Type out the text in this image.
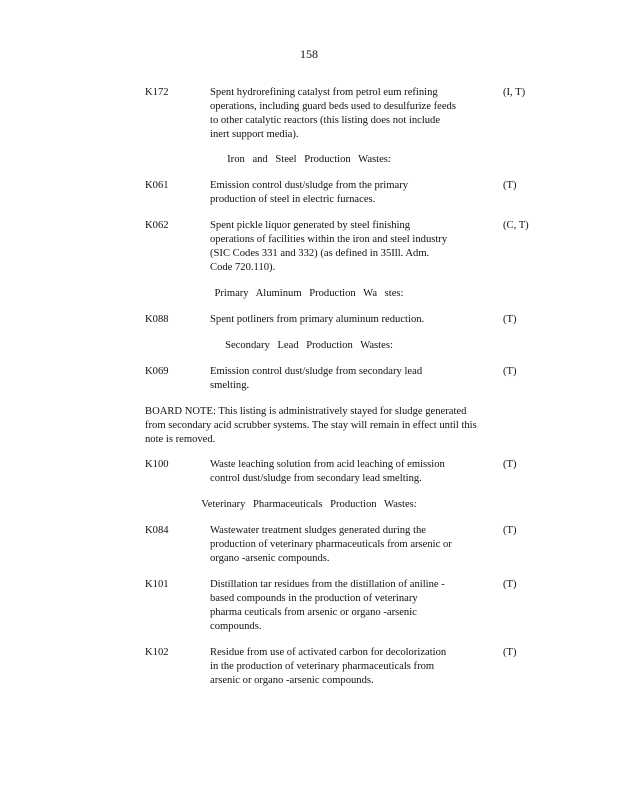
158
K172	Spent hydrorefining catalyst from petrol eum refining
operations, including guard beds used to desulfurize feeds
to other catalytic reactors (this listing does not include
inert support media).
(I, T)
Iron and Steel Production Wastes:
K061	Emission control dust/sludge from the primary
production of steel in electric furnaces.
(T)
K062	Spent pickle liquor generated by steel finishing
operations of facilities within the iron and steel industry
(SIC Codes 331 and 332) (as defined in 35Ill. Adm.
Code 720.110).
(C, T)
Primary Aluminum Production Wa stes:
K088	Spent potliners from primary aluminum reduction.	(T)
Secondary Lead Production Wastes:
K069	Emission control dust/sludge from secondary lead
smelting.
(T)
BOARD NOTE: This listing is administratively stayed for sludge generated
from secondary acid scrubber systems. The stay will remain in effect until this
note is removed.
K100	Waste leaching solution from acid leaching of emission
control dust/sludge from secondary lead smelting.
(T)
Veterinary Pharmaceuticals Production Wastes:
K084	Wastewater treatment sludges generated during the
production of veterinary pharmaceuticals from arsenic or
organo -arsenic compounds.
(T)
K101	Distillation tar residues from the distillation of aniline -
based compounds in the production of veterinary
pharma ceuticals from arsenic or organo -arsenic
compounds.
(T)
K102	Residue from use of activated carbon for decolorization
in the production of veterinary pharmaceuticals from
arsenic or organo -arsenic compounds.
(T)
